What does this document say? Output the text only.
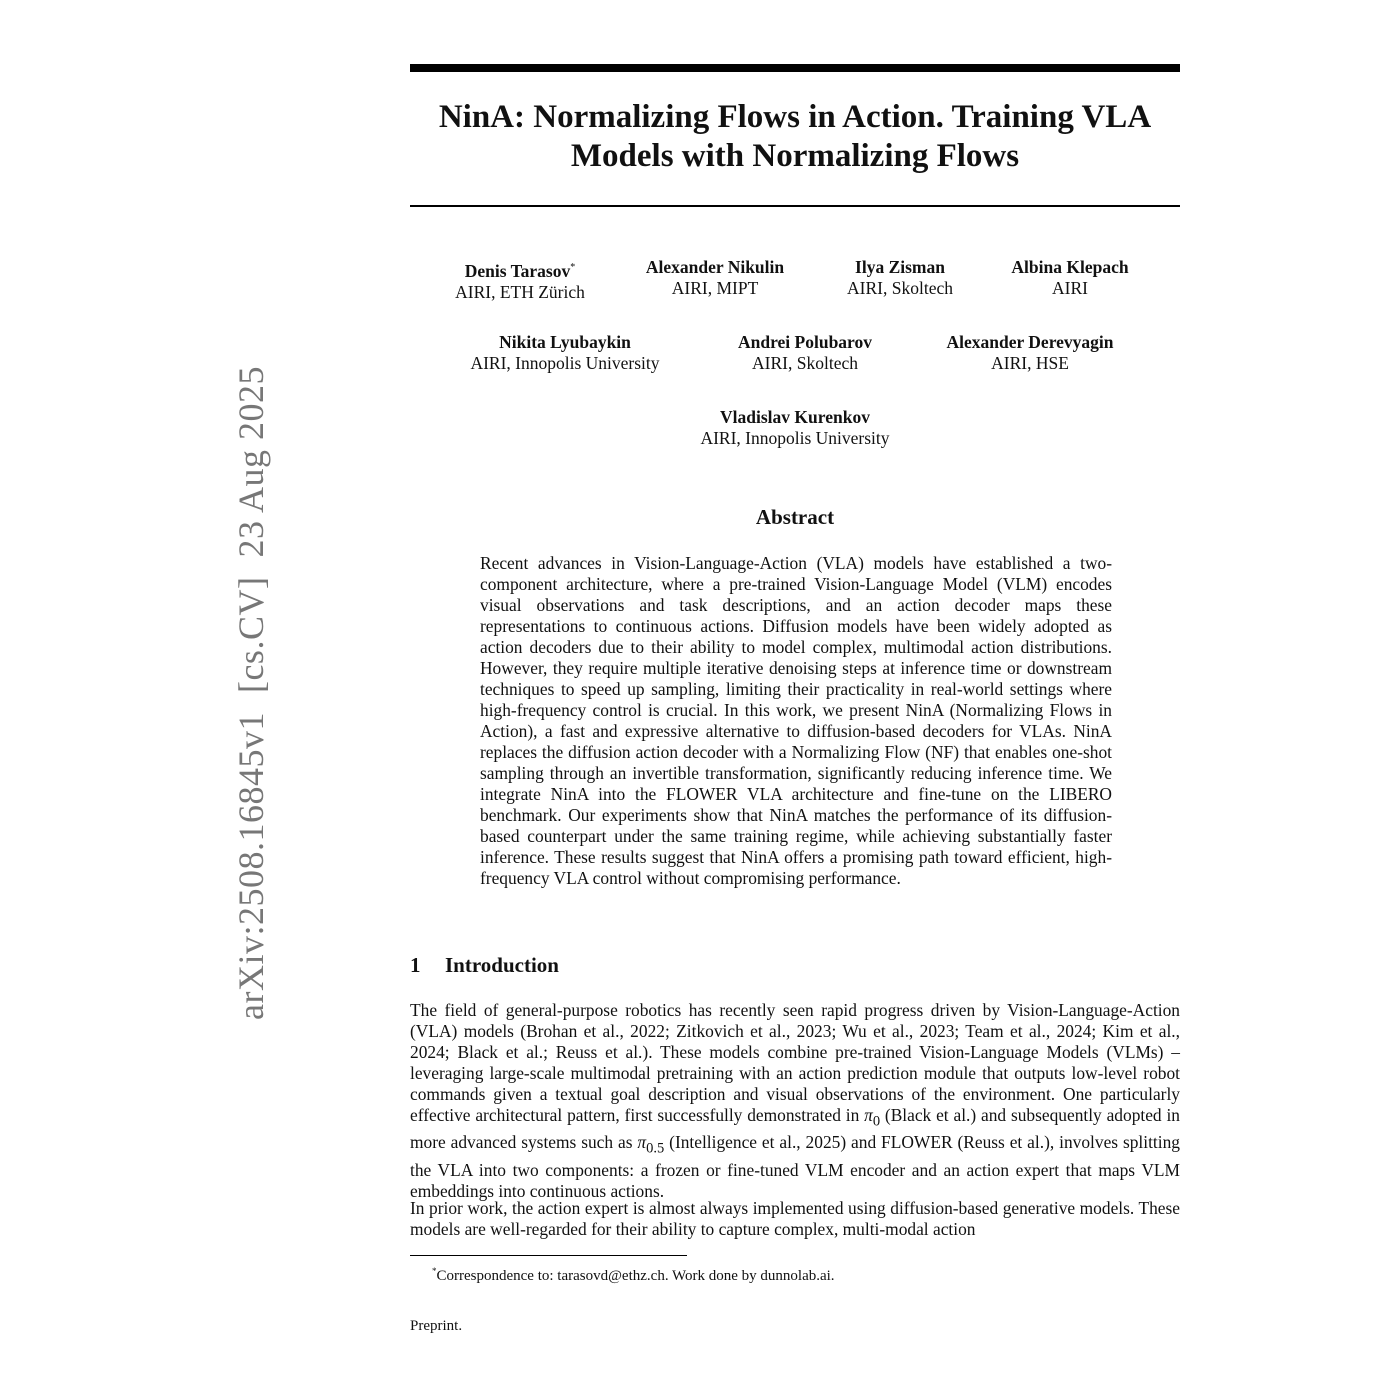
arXiv:2508.16845v1  [cs.CV]  23 Aug 2025
NinA: Normalizing Flows in Action. Training VLA
Models with Normalizing Flows
Denis Tarasov*
AIRI, ETH Zürich
Alexander Nikulin
AIRI, MIPT
Ilya Zisman
AIRI, Skoltech
Albina Klepach
AIRI
Nikita Lyubaykin
AIRI, Innopolis University
Andrei Polubarov
AIRI, Skoltech
Alexander Derevyagin
AIRI, HSE
Vladislav Kurenkov
AIRI, Innopolis University
Abstract

Recent advances in Vision-Language-Action (VLA) models have established a two-component architecture, where a pre-trained Vision-Language Model (VLM) encodes visual observations and task descriptions, and an action decoder maps these representations to continuous actions. Diffusion models have been widely adopted as action decoders due to their ability to model complex, multimodal action distributions. However, they require multiple iterative denoising steps at inference time or downstream techniques to speed up sampling, limiting their practicality in real-world settings where high-frequency control is crucial. In this work, we present NinA (Normalizing Flows in Action), a fast and expressive alternative to diffusion-based decoders for VLAs. NinA replaces the diffusion action decoder with a Normalizing Flow (NF) that enables one-shot sampling through an invertible transformation, significantly reducing inference time. We integrate NinA into the FLOWER VLA architecture and fine-tune on the LIBERO benchmark. Our experiments show that NinA matches the performance of its diffusion-based counterpart under the same training regime, while achieving substantially faster inference. These results suggest that NinA offers a promising path toward efficient, high-frequency VLA control without compromising performance.

1 Introduction

The field of general-purpose robotics has recently seen rapid progress driven by Vision-Language-Action (VLA) models (Brohan et al., 2022; Zitkovich et al., 2023; Wu et al., 2023; Team et al., 2024; Kim et al., 2024; Black et al.; Reuss et al.). These models combine pre-trained Vision-Language Models (VLMs) – leveraging large-scale multimodal pretraining with an action prediction module that outputs low-level robot commands given a textual goal description and visual observations of the environment. One particularly effective architectural pattern, first successfully demonstrated in $\pi_0$ (Black et al.) and subsequently adopted in more advanced systems such as $\pi_{0.5}$ (Intelligence et al., 2025) and FLOWER (Reuss et al.), involves splitting the VLA into two components: a frozen or fine-tuned VLM encoder and an action expert that maps VLM embeddings into continuous actions.

In prior work, the action expert is almost always implemented using diffusion-based generative models. These models are well-regarded for their ability to capture complex, multi-modal action

*Correspondence to: tarasovd@ethz.ch. Work done by dunnolab.ai.

Preprint.
